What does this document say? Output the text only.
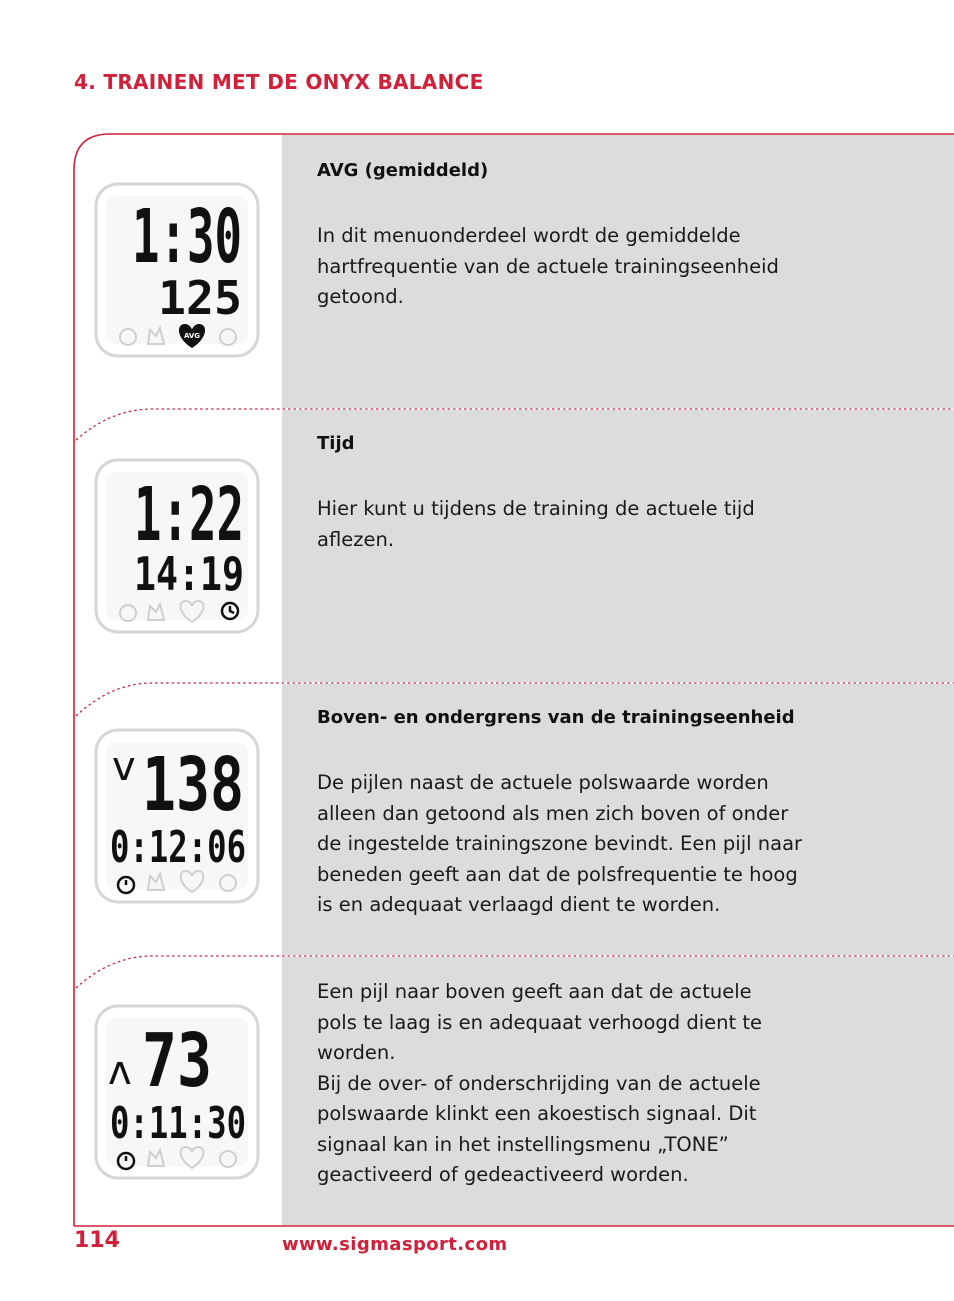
4. TRAINEN MET DE ONYX BALANCE
AVG (gemiddeld)

In dit menuonderdeel wordt de gemiddelde

hartfrequentie van de actuele trainingseenheid

getoond.

Tijd

Hier kunt u tijdens de training de actuele tijd

aflezen.

Boven- en ondergrens van de trainingseenheid

De pijlen naast de actuele polswaarde worden

alleen dan getoond als men zich boven of onder

de ingestelde trainingszone bevindt. Een pijl naar

beneden geeft aan dat de polsfrequentie te hoog

is en adequaat verlaagd dient te worden.

Een pijl naar boven geeft aan dat de actuele

pols te laag is en adequaat verhoogd dient te

worden.

Bij de over- of onderschrijding van de actuele

polswaarde klinkt een akoestisch signaal. Dit

signaal kan in het instellingsmenu „TONE”

geactiveerd of gedeactiveerd worden.

1:30
125
AVG
1:22
14:19
v 138
0:12:06
ʌ 73
0:11:30
114	www.sigmasport.com
